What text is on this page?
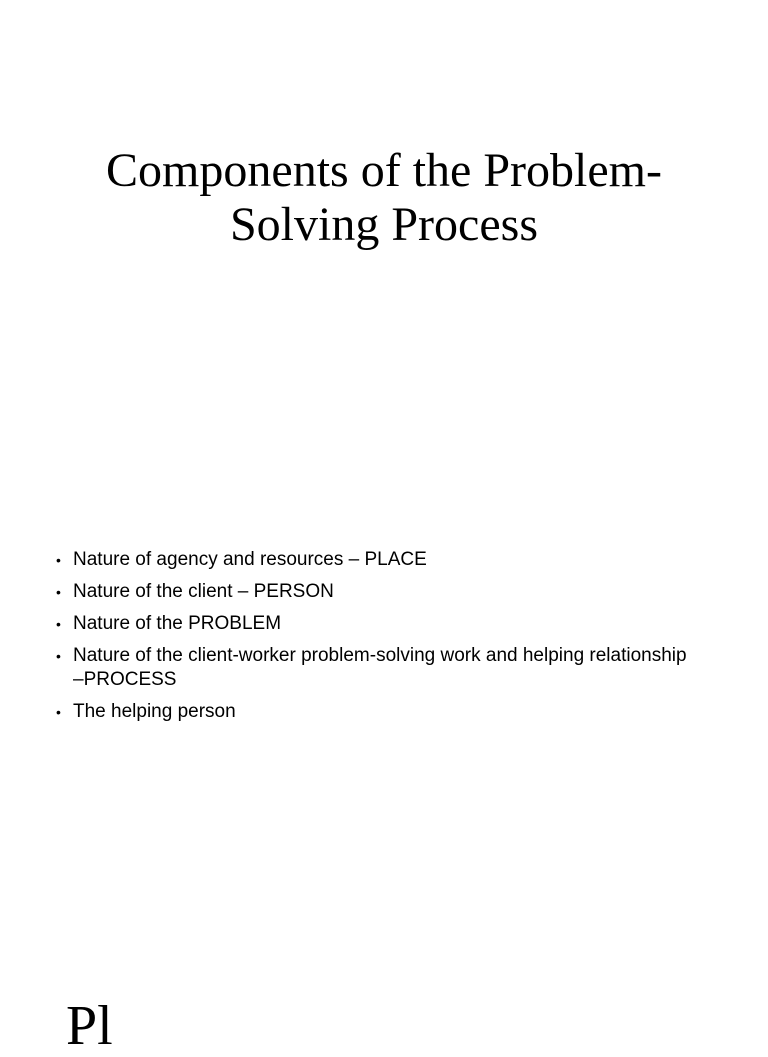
Components of the Problem-
Solving Process
• Nature of agency and resources – PLACE
• Nature of the client – PERSON
• Nature of the PROBLEM
• Nature of the client-worker problem-solving work and helping relationship –PROCESS
• The helping person
Pl
